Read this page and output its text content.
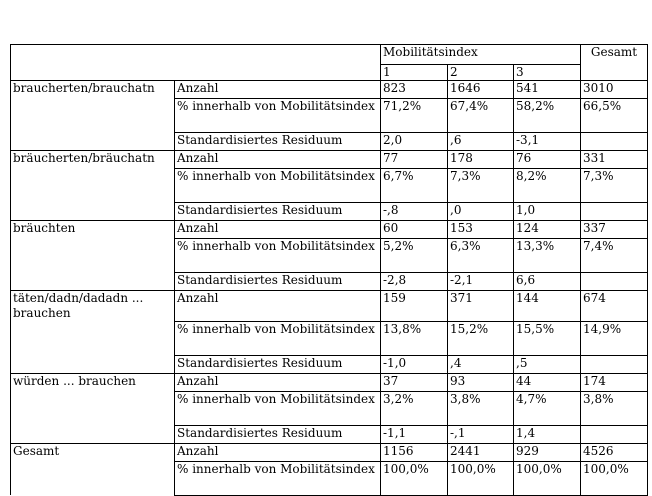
		Mobilitätsindex			Gesamt
		1	2	3	
braucherten/brauchatn	Anzahl	823	1646	541	3010
	% innerhalb von Mobilitätsindex	71,2%	67,4%	58,2%	66,5%
	Standardisiertes Residuum	2,0	,6	-3,1	
bräucherten/bräuchatn	Anzahl	77	178	76	331
	% innerhalb von Mobilitätsindex	6,7%	7,3%	8,2%	7,3%
	Standardisiertes Residuum	-,8	,0	1,0	
bräuchten	Anzahl	60	153	124	337
	% innerhalb von Mobilitätsindex	5,2%	6,3%	13,3%	7,4%
	Standardisiertes Residuum	-2,8	-2,1	6,6	
täten/dadn/dadadn ... brauchen	Anzahl	159	371	144	674
	% innerhalb von Mobilitätsindex	13,8%	15,2%	15,5%	14,9%
	Standardisiertes Residuum	-1,0	,4	,5	
würden ... brauchen	Anzahl	37	93	44	174
	% innerhalb von Mobilitätsindex	3,2%	3,8%	4,7%	3,8%
	Standardisiertes Residuum	-1,1	-,1	1,4	
Gesamt	Anzahl	1156	2441	929	4526
	% innerhalb von Mobilitätsindex	100,0%	100,0%	100,0%	100,0%
